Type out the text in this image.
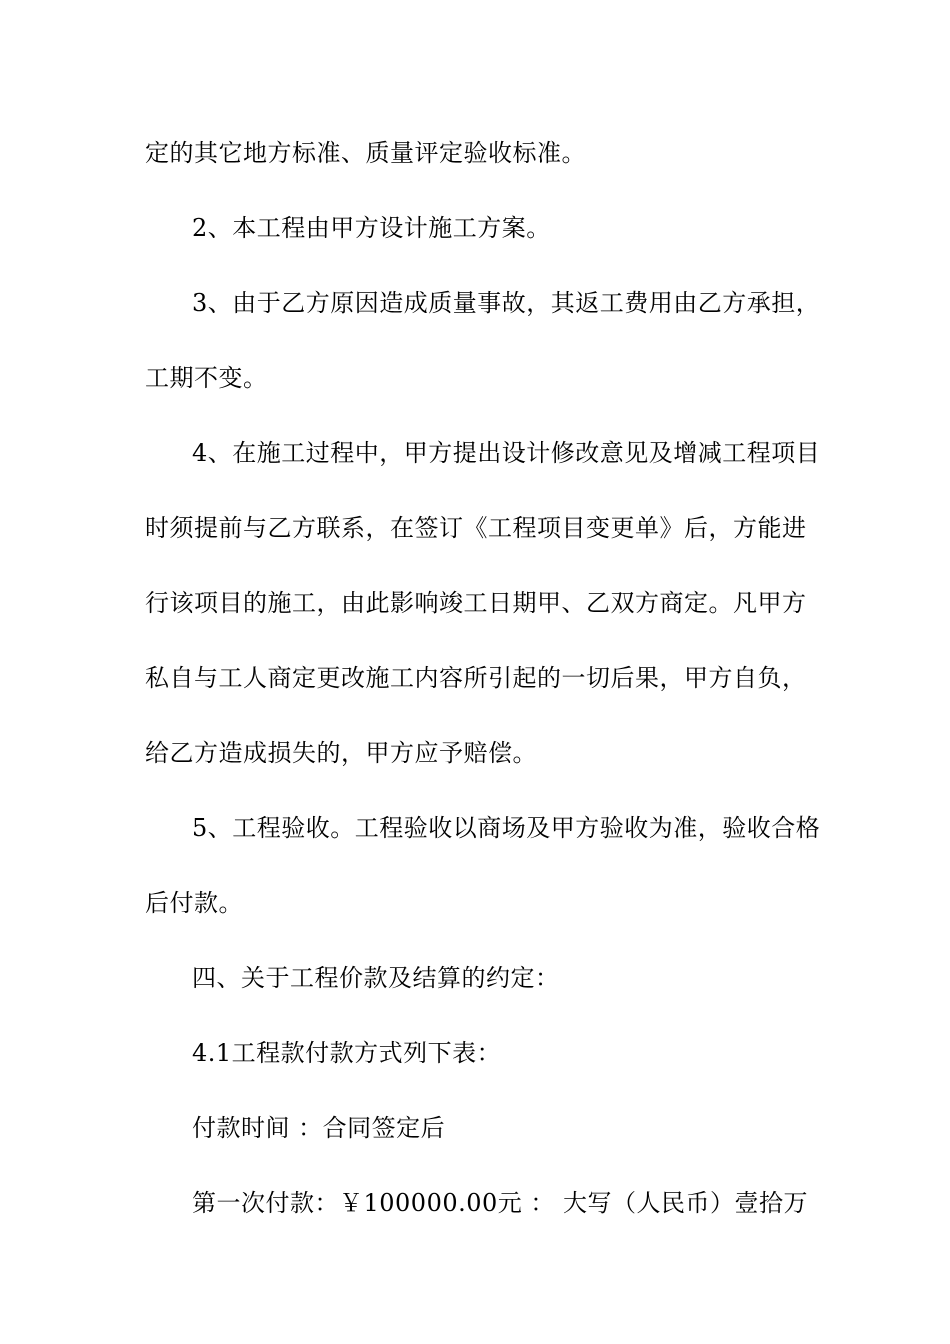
定的其它地方标准、质量评定验收标准。
2、本工程由甲方设计施工方案。
3、由于乙方原因造成质量事故，其返工费用由乙方承担，
工期不变。
4、在施工过程中，甲方提出设计修改意见及增减工程项目
时须提前与乙方联系，在签订《工程项目变更单》后，方能进
行该项目的施工，由此影响竣工日期甲、乙双方商定。凡甲方
私自与工人商定更改施工内容所引起的一切后果，甲方自负，
给乙方造成损失的，甲方应予赔偿。
5、工程验收。工程验收以商场及甲方验收为准，验收合格
后付款。
四、关于工程价款及结算的约定：
4.1工程款付款方式列下表：
付款时间 ：合同签定后
第一次付款：￥100000.00元 ： 大写（人民币）壹拾万
